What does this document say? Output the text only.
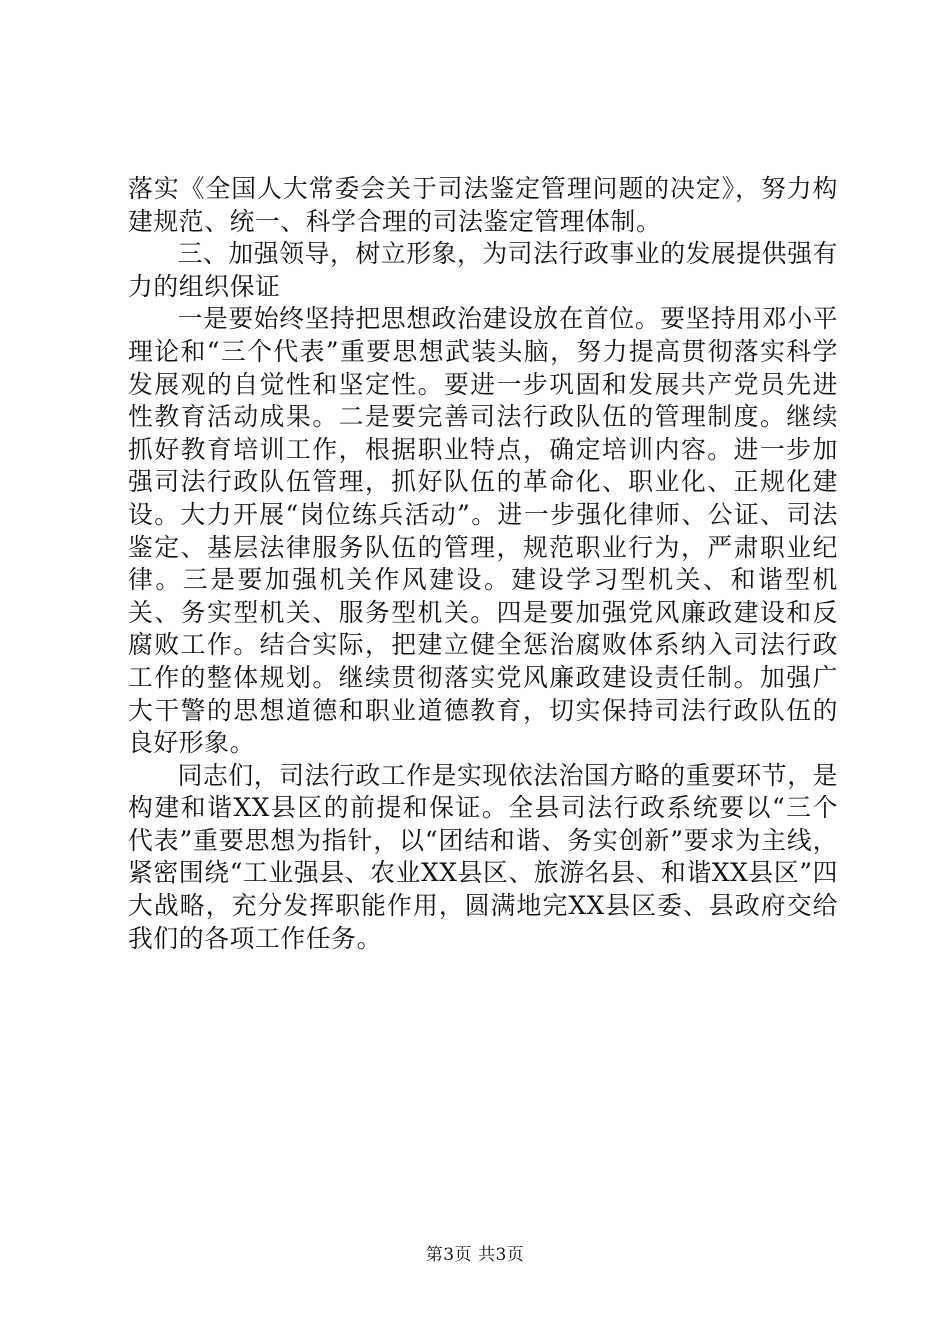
落实《全国人大常委会关于司法鉴定管理问题的决定》，努力构建规范、统一、科学合理的司法鉴定管理体制。

三、加强领导，树立形象，为司法行政事业的发展提供强有力的组织保证

一是要始终坚持把思想政治建设放在首位。要坚持用邓小平理论和“三个代表”重要思想武装头脑，努力提高贯彻落实科学发展观的自觉性和坚定性。要进一步巩固和发展共产党员先进性教育活动成果。二是要完善司法行政队伍的管理制度。继续抓好教育培训工作，根据职业特点，确定培训内容。进一步加强司法行政队伍管理，抓好队伍的革命化、职业化、正规化建设。大力开展“岗位练兵活动”。进一步强化律师、公证、司法鉴定、基层法律服务队伍的管理，规范职业行为，严肃职业纪律。三是要加强机关作风建设。建设学习型机关、和谐型机关、务实型机关、服务型机关。四是要加强党风廉政建设和反腐败工作。结合实际，把建立健全惩治腐败体系纳入司法行政工作的整体规划。继续贯彻落实党风廉政建设责任制。加强广大干警的思想道德和职业道德教育，切实保持司法行政队伍的良好形象。

同志们，司法行政工作是实现依法治国方略的重要环节，是构建和谐XX县区的前提和保证。全县司法行政系统要以“三个代表”重要思想为指针，以“团结和谐、务实创新”要求为主线，紧密围绕“工业强县、农业XX县区、旅游名县、和谐XX县区”四大战略，充分发挥职能作用，圆满地完XX县区委、县政府交给我们的各项工作任务。

第3页 共3页
